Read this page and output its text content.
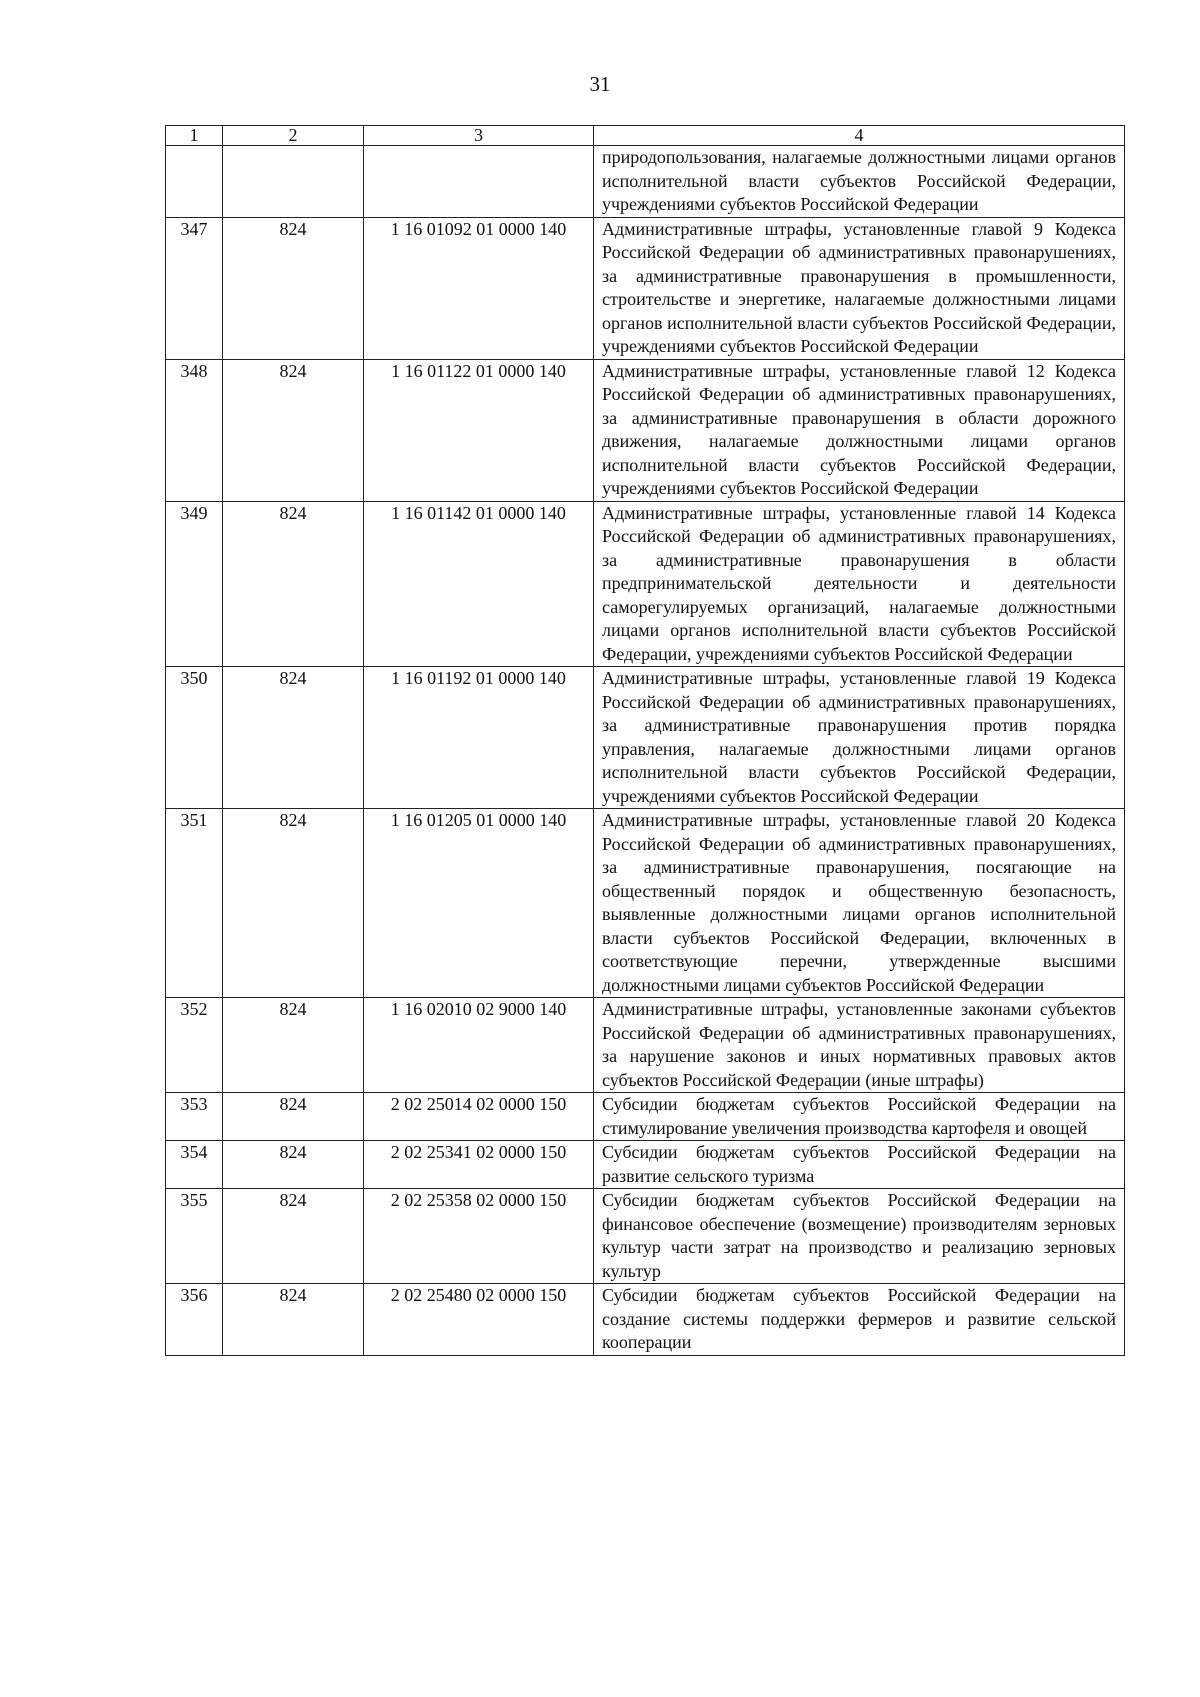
31
1	2	3	4
			природопользования, налагаемые должностными лицами органов исполнительной власти субъектов Российской Федерации, учреждениями субъектов Российской Федерации
347	824	1 16 01092 01 0000 140	Административные штрафы, установленные главой 9 Кодекса Российской Федерации об административных правонарушениях, за административные правонарушения в промышленности, строительстве и энергетике, налагаемые должностными лицами органов исполнительной власти субъектов Российской Федерации, учреждениями субъектов Российской Федерации
348	824	1 16 01122 01 0000 140	Административные штрафы, установленные главой 12 Кодекса Российской Федерации об административных правонарушениях, за административные правонарушения в области дорожного движения, налагаемые должностными лицами органов исполнительной власти субъектов Российской Федерации, учреждениями субъектов Российской Федерации
349	824	1 16 01142 01 0000 140	Административные штрафы, установленные главой 14 Кодекса Российской Федерации об административных правонарушениях, за административные правонарушения в области предпринимательской деятельности и деятельности саморегулируемых организаций, налагаемые должностными лицами органов исполнительной власти субъектов Российской Федерации, учреждениями субъектов Российской Федерации
350	824	1 16 01192 01 0000 140	Административные штрафы, установленные главой 19 Кодекса Российской Федерации об административных правонарушениях, за административные правонарушения против порядка управления, налагаемые должностными лицами органов исполнительной власти субъектов Российской Федерации, учреждениями субъектов Российской Федерации
351	824	1 16 01205 01 0000 140	Административные штрафы, установленные главой 20 Кодекса Российской Федерации об административных правонарушениях, за административные правонарушения, посягающие на общественный порядок и общественную безопасность, выявленные должностными лицами органов исполнительной власти субъектов Российской Федерации, включенных в соответствующие перечни, утвержденные высшими должностными лицами субъектов Российской Федерации
352	824	1 16 02010 02 9000 140	Административные штрафы, установленные законами субъектов Российской Федерации об административных правонарушениях, за нарушение законов и иных нормативных правовых актов субъектов Российской Федерации (иные штрафы)
353	824	2 02 25014 02 0000 150	Субсидии бюджетам субъектов Российской Федерации на стимулирование увеличения производства картофеля и овощей
354	824	2 02 25341 02 0000 150	Субсидии бюджетам субъектов Российской Федерации на развитие сельского туризма
355	824	2 02 25358 02 0000 150	Субсидии бюджетам субъектов Российской Федерации на финансовое обеспечение (возмещение) производителям зерновых культур части затрат на производство и реализацию зерновых культур
356	824	2 02 25480 02 0000 150	Субсидии бюджетам субъектов Российской Федерации на создание системы поддержки фермеров и развитие сельской кооперации
